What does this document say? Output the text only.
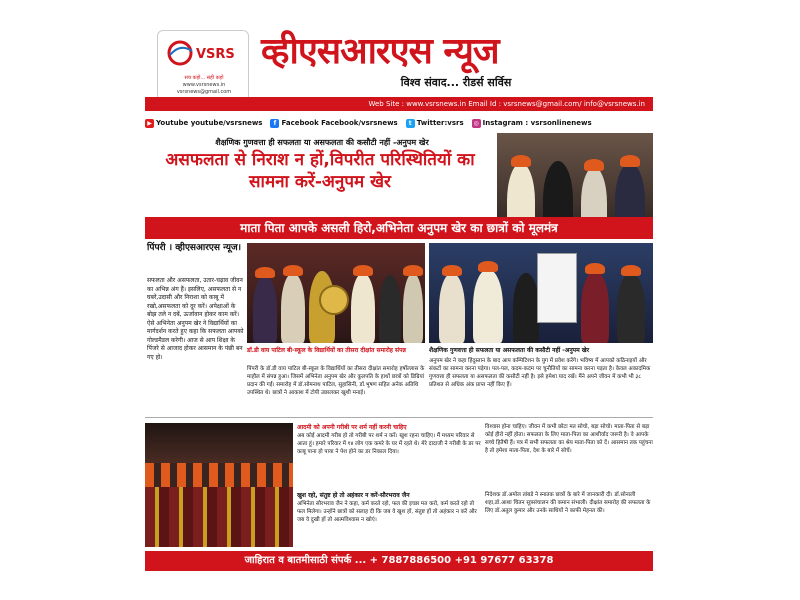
VSRS
सच कहो... सही कहो
www.vsrsnews.in
vsrsnews@gmail.com
व्हीएसआरएस न्यूज
विश्व संवाद... रीडर्स सर्विस
Web Site : www.vsrsnews.in Email Id : vsrsnews@gmail.com/ info@vsrsnews.in
▶ Youtube youtube/vsrsnews	f Facebook Facebook/vsrsnews	t Twitter:vsrs	◎ Instagram : vsrsonlinenews
शैक्षणिक गुणवत्ता ही सफलता या असफलता की कसौटी नहीं -अनुपम खेर
असफलता से निराश न हों,विपरीत परिस्थितियों का सामना करें-अनुपम खेर
माता पिता आपके असली हिरो,अभिनेता अनुपम खेर का छात्रों को मूलमंत्र
पिंपरी । व्हीएसआरएस न्यूज।
सफलता और असफलता, उतार-चढ़ाव जीवन का अभिन्न अंग हैं। इसलिए, असफलता से न घबरें,उदासी और निराशा को काबू में रखो,असफलता को दूर करें। अपेक्षाओं के बोझ तले न दबें, ऊर्जावान होकर काम करें। ऐसे अभिनेता अनुपम खेर ने विद्यार्थियों का मार्गदर्शन करते हुए कहा कि सफलता आपको गोल्डमैडल करेगी। आज से आप शिक्षा के पिंजरे से आजाद होकर आसमान के पंछी बन गए हो।
डॉ.डी वाय पाटिल बी-स्कूल के विद्यार्थियों का तीसरा दीक्षांत समारोह संपन्न
पिंपरी के डॉ.डी वाय पाटिल बी-स्कूल के विद्यार्थियों का तीसरा दीक्षांत समारोह हर्षोल्लास के माहौल में संपन्न हुआ। जिसमें अभिनेता अनुपम खेर और कुलपति के हाथों छात्रों को डिग्रियां प्रदान की गईं। समारोह में डॉ.सोमनाथ पाटिल, सुहासिनी, डॉ.भूषण सहित अनेक अतिथि उपस्थित थे। छात्रों ने आकाश में टोपी उछालकर खुशी मनाई।
शैक्षणिक गुणवत्ता ही सफलता या असफलता की कसौटी नहीं -अनुपम खेर
अनुपम खेर ने कहा हिंदुस्तान के बाद आप कम्पिटिशन के युग में प्रवेश करेंगे। भविष्य में आपको कठिनाइयों और संकटों का सामना करना पड़ेगा। पल-पल, कदम-कदम पर चुनौतियों का सामना करना पड़ता है। केवल अकादमिक गुणवत्ता ही सफलता या असफलता की कसौटी नहीं है। इसे हमेशा याद रखें। मैंने अपने जीवन में कभी भी ३८ प्रतिशत से अधिक अंक प्राप्त नहीं किए हैं।
आदमी को अपनी गरीबी पर शर्म नहीं करनी चाहिए
अब कोई आदमी गरीब हो तो गरीबी पर शर्म न करें। खुश रहना चाहिए। मैं मध्यम परिवार से आता हूं। हमारे परिवार में १४ लोग एक कमरे के घर में रहते थे। मेरे दादाजी ने गरीबी के डर पर काबू पाना हो पाया ने पेश होने का डर निकाल दिया।
विश्वास होना चाहिए। जीवन में कभी छोटा मत सोचो, बड़ा सोचो। माता-पिता से बड़ा कोई हीरो नहीं होता। सफलता के लिए माता-पिता का आशीर्वाद जरूरी है। वे आपके सच्चे हितैषी हैं। पत्र में सभी सफलता का श्रेय माता-पिता को दें। आसमान तक पहुंचना है तो हमेशा माता-पिता, देश के बारे में सोचें।
खुश रहो, संतुष्ट हो तो अहंकार न करें-सौरभराव जैन
अभिनेता सौरभराव जैन ने कहा, कर्म करते रहो, फल की इच्छा मत करो, कर्म करते रहो तो फल मिलेगा। उन्होंने छात्रों को सलाह दी कि जब वे खुश हों, संतुष्ट हों तो अहंकार न करें और जब वे दुखी हों तो आत्मविश्वास न खोएं।
निदेशक डॉ.अमोल तांबडे ने स्नातक छात्रों के बारे में जानकारी दी। डॉ.सोनाली शहा,डॉ.आशा चितन सूत्रसंचालन की कमान संभाली। दीक्षांत समारोह की सफलता के लिए डॉ.अतुल कुमार और उनके साथियों ने काफी मेहनत की।
जाहिरात व बातमीसाठी संपर्क ... + 7887886500 +91 97677 63378
